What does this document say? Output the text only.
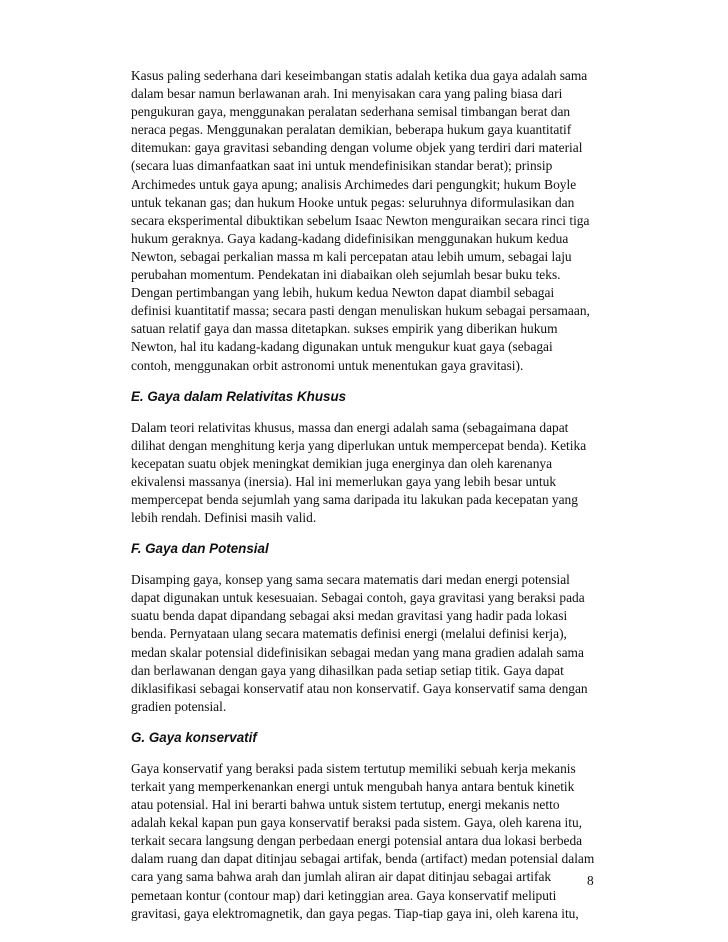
Kasus paling sederhana dari keseimbangan statis adalah ketika dua gaya adalah sama
dalam besar namun berlawanan arah. Ini menyisakan cara yang paling biasa dari
pengukuran gaya, menggunakan peralatan sederhana semisal timbangan berat dan
neraca pegas. Menggunakan peralatan demikian, beberapa hukum gaya kuantitatif
ditemukan: gaya gravitasi sebanding dengan volume objek yang terdiri dari material
(secara luas dimanfaatkan saat ini untuk mendefinisikan standar berat); prinsip
Archimedes untuk gaya apung; analisis Archimedes dari pengungkit; hukum Boyle
untuk tekanan gas; dan hukum Hooke untuk pegas: seluruhnya diformulasikan dan
secara eksperimental dibuktikan sebelum Isaac Newton menguraikan secara rinci tiga
hukum geraknya. Gaya kadang-kadang didefinisikan menggunakan hukum kedua
Newton, sebagai perkalian massa m kali percepatan atau lebih umum, sebagai laju
perubahan momentum. Pendekatan ini diabaikan oleh sejumlah besar buku teks.
Dengan pertimbangan yang lebih, hukum kedua Newton dapat diambil sebagai
definisi kuantitatif massa; secara pasti dengan menuliskan hukum sebagai persamaan,
satuan relatif gaya dan massa ditetapkan. sukses empirik yang diberikan hukum
Newton, hal itu kadang-kadang digunakan untuk mengukur kuat gaya (sebagai
contoh, menggunakan orbit astronomi untuk menentukan gaya gravitasi).

E. Gaya dalam Relativitas Khusus

Dalam teori relativitas khusus, massa dan energi adalah sama (sebagaimana dapat
dilihat dengan menghitung kerja yang diperlukan untuk mempercepat benda). Ketika
kecepatan suatu objek meningkat demikian juga energinya dan oleh karenanya
ekivalensi massanya (inersia). Hal ini memerlukan gaya yang lebih besar untuk
mempercepat benda sejumlah yang sama daripada itu lakukan pada kecepatan yang
lebih rendah. Definisi masih valid.

F. Gaya dan Potensial

Disamping gaya, konsep yang sama secara matematis dari medan energi potensial
dapat digunakan untuk kesesuaian. Sebagai contoh, gaya gravitasi yang beraksi pada
suatu benda dapat dipandang sebagai aksi medan gravitasi yang hadir pada lokasi
benda. Pernyataan ulang secara matematis definisi energi (melalui definisi kerja),
medan skalar potensial didefinisikan sebagai medan yang mana gradien adalah sama
dan berlawanan dengan gaya yang dihasilkan pada setiap setiap titik. Gaya dapat
diklasifikasi sebagai konservatif atau non konservatif. Gaya konservatif sama dengan
gradien potensial.

G. Gaya konservatif

Gaya konservatif yang beraksi pada sistem tertutup memiliki sebuah kerja mekanis
terkait yang memperkenankan energi untuk mengubah hanya antara bentuk kinetik
atau potensial. Hal ini berarti bahwa untuk sistem tertutup, energi mekanis netto
adalah kekal kapan pun gaya konservatif beraksi pada sistem. Gaya, oleh karena itu,
terkait secara langsung dengan perbedaan energi potensial antara dua lokasi berbeda
dalam ruang dan dapat ditinjau sebagai artifak, benda (artifact) medan potensial dalam
cara yang sama bahwa arah dan jumlah aliran air dapat ditinjau sebagai artifak
pemetaan kontur (contour map) dari ketinggian area. Gaya konservatif meliputi
gravitasi, gaya elektromagnetik, dan gaya pegas. Tiap-tiap gaya ini, oleh karena itu,

8
